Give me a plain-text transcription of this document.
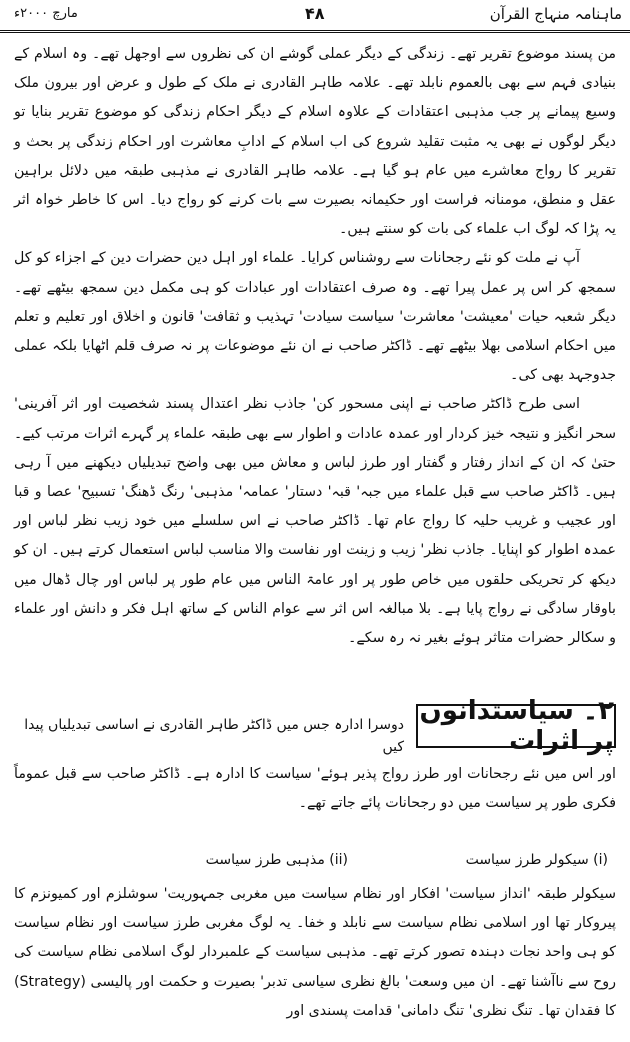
ماہنامہ منہاج القرآن
۴۸
مارچ ۲۰۰۰ء

من پسند موضوع تقریر تھے۔ زندگی کے دیگر عملی گوشے ان کی نظروں سے اوجھل تھے۔ وہ اسلام کے بنیادی فہم سے بھی بالعموم نابلد تھے۔ علامہ طاہر القادری نے ملک کے طول و عرض اور بیرون ملک وسیع پیمانے پر جب مذہبی اعتقادات کے علاوہ اسلام کے دیگر احکام زندگی کو موضوع تقریر بنایا تو دیگر لوگوں نے بھی یہ مثبت تقلید شروع کی اب اسلام کے ادابِ معاشرت اور احکام زندگی پر بحث و تقریر کا رواج معاشرے میں عام ہو گیا ہے۔ علامہ طاہر القادری نے مذہبی طبقہ میں دلائل براہین عقل و منطق، مومنانہ فراست اور حکیمانہ بصیرت سے بات کرنے کو رواج دیا۔ اس کا خاطر خواہ اثر یہ پڑا کہ لوگ اب علماء کی بات کو سنتے ہیں۔

آپ نے ملت کو نئے رجحانات سے روشناس کرایا۔ علماء اور اہل دین حضرات دین کے اجزاء کو کل سمجھ کر اس پر عمل پیرا تھے۔ وہ صرف اعتقادات اور عبادات کو ہی مکمل دین سمجھ بیٹھے تھے۔ دیگر شعبہ حیات 'معیشت' معاشرت' سیاست سیادت' تہذیب و ثقافت' قانون و اخلاق اور تعلیم و تعلم میں احکام اسلامی بھلا بیٹھے تھے۔ ڈاکٹر صاحب نے ان نئے موضوعات پر نہ صرف قلم اٹھایا بلکہ عملی جدوجہد بھی کی۔

اسی طرح ڈاکٹر صاحب نے اپنی مسحور کن' جاذب نظر اعتدال پسند شخصیت اور اثر آفرینی' سحر انگیز و نتیجہ خیز کردار اور عمدہ عادات و اطوار سے بھی طبقہ علماء پر گہرے اثرات مرتب کیے۔ حتیٰ کہ ان کے انداز رفتار و گفتار اور طرز لباس و معاش میں بھی واضح تبدیلیاں دیکھنے میں آ رہی ہیں۔ ڈاکٹر صاحب سے قبل علماء میں جبہ' قبہ' دستار' عمامہ' مذہبی' رنگ ڈھنگ' تسبیح' عصا و قبا اور عجیب و غریب حلیہ کا رواج عام تھا۔ ڈاکٹر صاحب نے اس سلسلے میں خود زیب نظر لباس اور عمدہ اطوار کو اپنایا۔ جاذب نظر' زیب و زینت اور نفاست والا مناسب لباس استعمال کرتے ہیں۔ ان کو دیکھ کر تحریکی حلقوں میں خاص طور پر اور عامۃ الناس میں عام طور پر لباس اور چال ڈھال میں باوقار سادگی نے رواج پایا ہے۔ بلا مبالغہ اس اثر سے عوام الناس کے ساتھ اہل فکر و دانش اور علماء و سکالر حضرات متاثر ہوئے بغیر نہ رہ سکے۔

۲۔ سیاستدانوں پر اثرات
دوسرا ادارہ جس میں ڈاکٹر طاہر القادری نے اساسی تبدیلیاں پیدا کیں

اور اس میں نئے رجحانات اور طرز رواج پذیر ہوئے' سیاست کا ادارہ ہے۔ ڈاکٹر صاحب سے قبل عموماً فکری طور پر سیاست میں دو رجحانات پائے جاتے تھے۔

(i) سیکولر طرز سیاست
(ii) مذہبی طرز سیاست

سیکولر طبقہ 'انداز سیاست' افکار اور نظام سیاست میں مغربی جمہوریت' سوشلزم اور کمیونزم کا پیروکار تھا اور اسلامی نظام سیاست سے نابلد و خفا۔ یہ لوگ مغربی طرز سیاست اور نظام سیاست کو ہی واحد نجات دہندہ تصور کرتے تھے۔ مذہبی سیاست کے علمبردار لوگ اسلامی نظام سیاست کی روح سے ناآشنا تھے۔ ان میں وسعت' بالغ نظری سیاسی تدبر' بصیرت و حکمت اور پالیسی (Strategy) کا فقدان تھا۔ تنگ نظری' تنگ دامانی' قدامت پسندی اور
